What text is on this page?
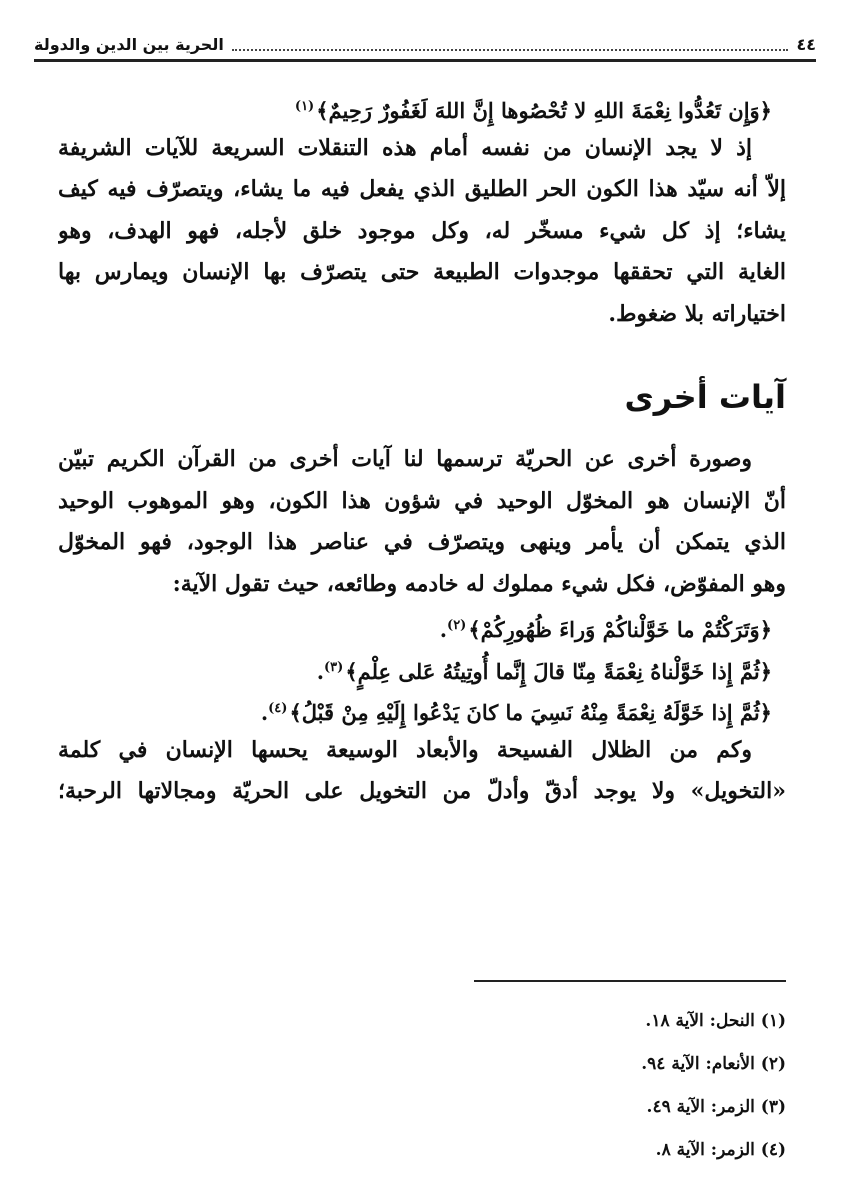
٤٤
الحرية بين الدين والدولة
﴿وَإِن تَعُدُّوا نِعْمَةَ اللهِ لا تُحْصُوها إِنَّ اللهَ لَغَفُورٌ رَحِيمٌ﴾$^{(١)}$
إذ لا يجد الإنسان من نفسه أمام هذه التنقلات السريعة للآيات الشريفة
إلاّ أنه سيّد هذا الكون الحر الطليق الذي يفعل فيه ما يشاء، ويتصرّف فيه كيف
يشاء؛ إذ كل شيء مسخّر له، وكل موجود خلق لأجله، فهو الهدف، وهو
الغاية التي تحققها موجدوات الطبيعة حتى يتصرّف بها الإنسان ويمارس بها
اختياراته بلا ضغوط.
آيات أخرى
وصورة أخرى عن الحريّة ترسمها لنا آيات أخرى من القرآن الكريم تبيّن
أنّ الإنسان هو المخوّل الوحيد في شؤون هذا الكون، وهو الموهوب الوحيد
الذي يتمكن أن يأمر وينهى ويتصرّف في عناصر هذا الوجود، فهو المخوّل
وهو المفوّض، فكل شيء مملوك له خادمه وطائعه، حيث تقول الآية:
﴿وَتَرَكْتُمْ ما خَوَّلْناكُمْ وَراءَ ظُهُورِكُمْ﴾$^{(٢)}$.
﴿ثُمَّ إِذا خَوَّلْناهُ نِعْمَةً مِنّا قالَ إِنَّما أُوتِيتُهُ عَلى عِلْمٍ﴾$^{(٣)}$.
﴿ثُمَّ إِذا خَوَّلَهُ نِعْمَةً مِنْهُ نَسِيَ ما كانَ يَدْعُوا إِلَيْهِ مِنْ قَبْلُ﴾$^{(٤)}$.
وكم من الظلال الفسيحة والأبعاد الوسيعة يحسها الإنسان في كلمة
«التخويل» ولا يوجد أدقّ وأدلّ من التخويل على الحريّة ومجالاتها الرحبة؛
(١) النحل: الآية ١٨.
(٢) الأنعام: الآية ٩٤.
(٣) الزمر: الآية ٤٩.
(٤) الزمر: الآية ٨.
